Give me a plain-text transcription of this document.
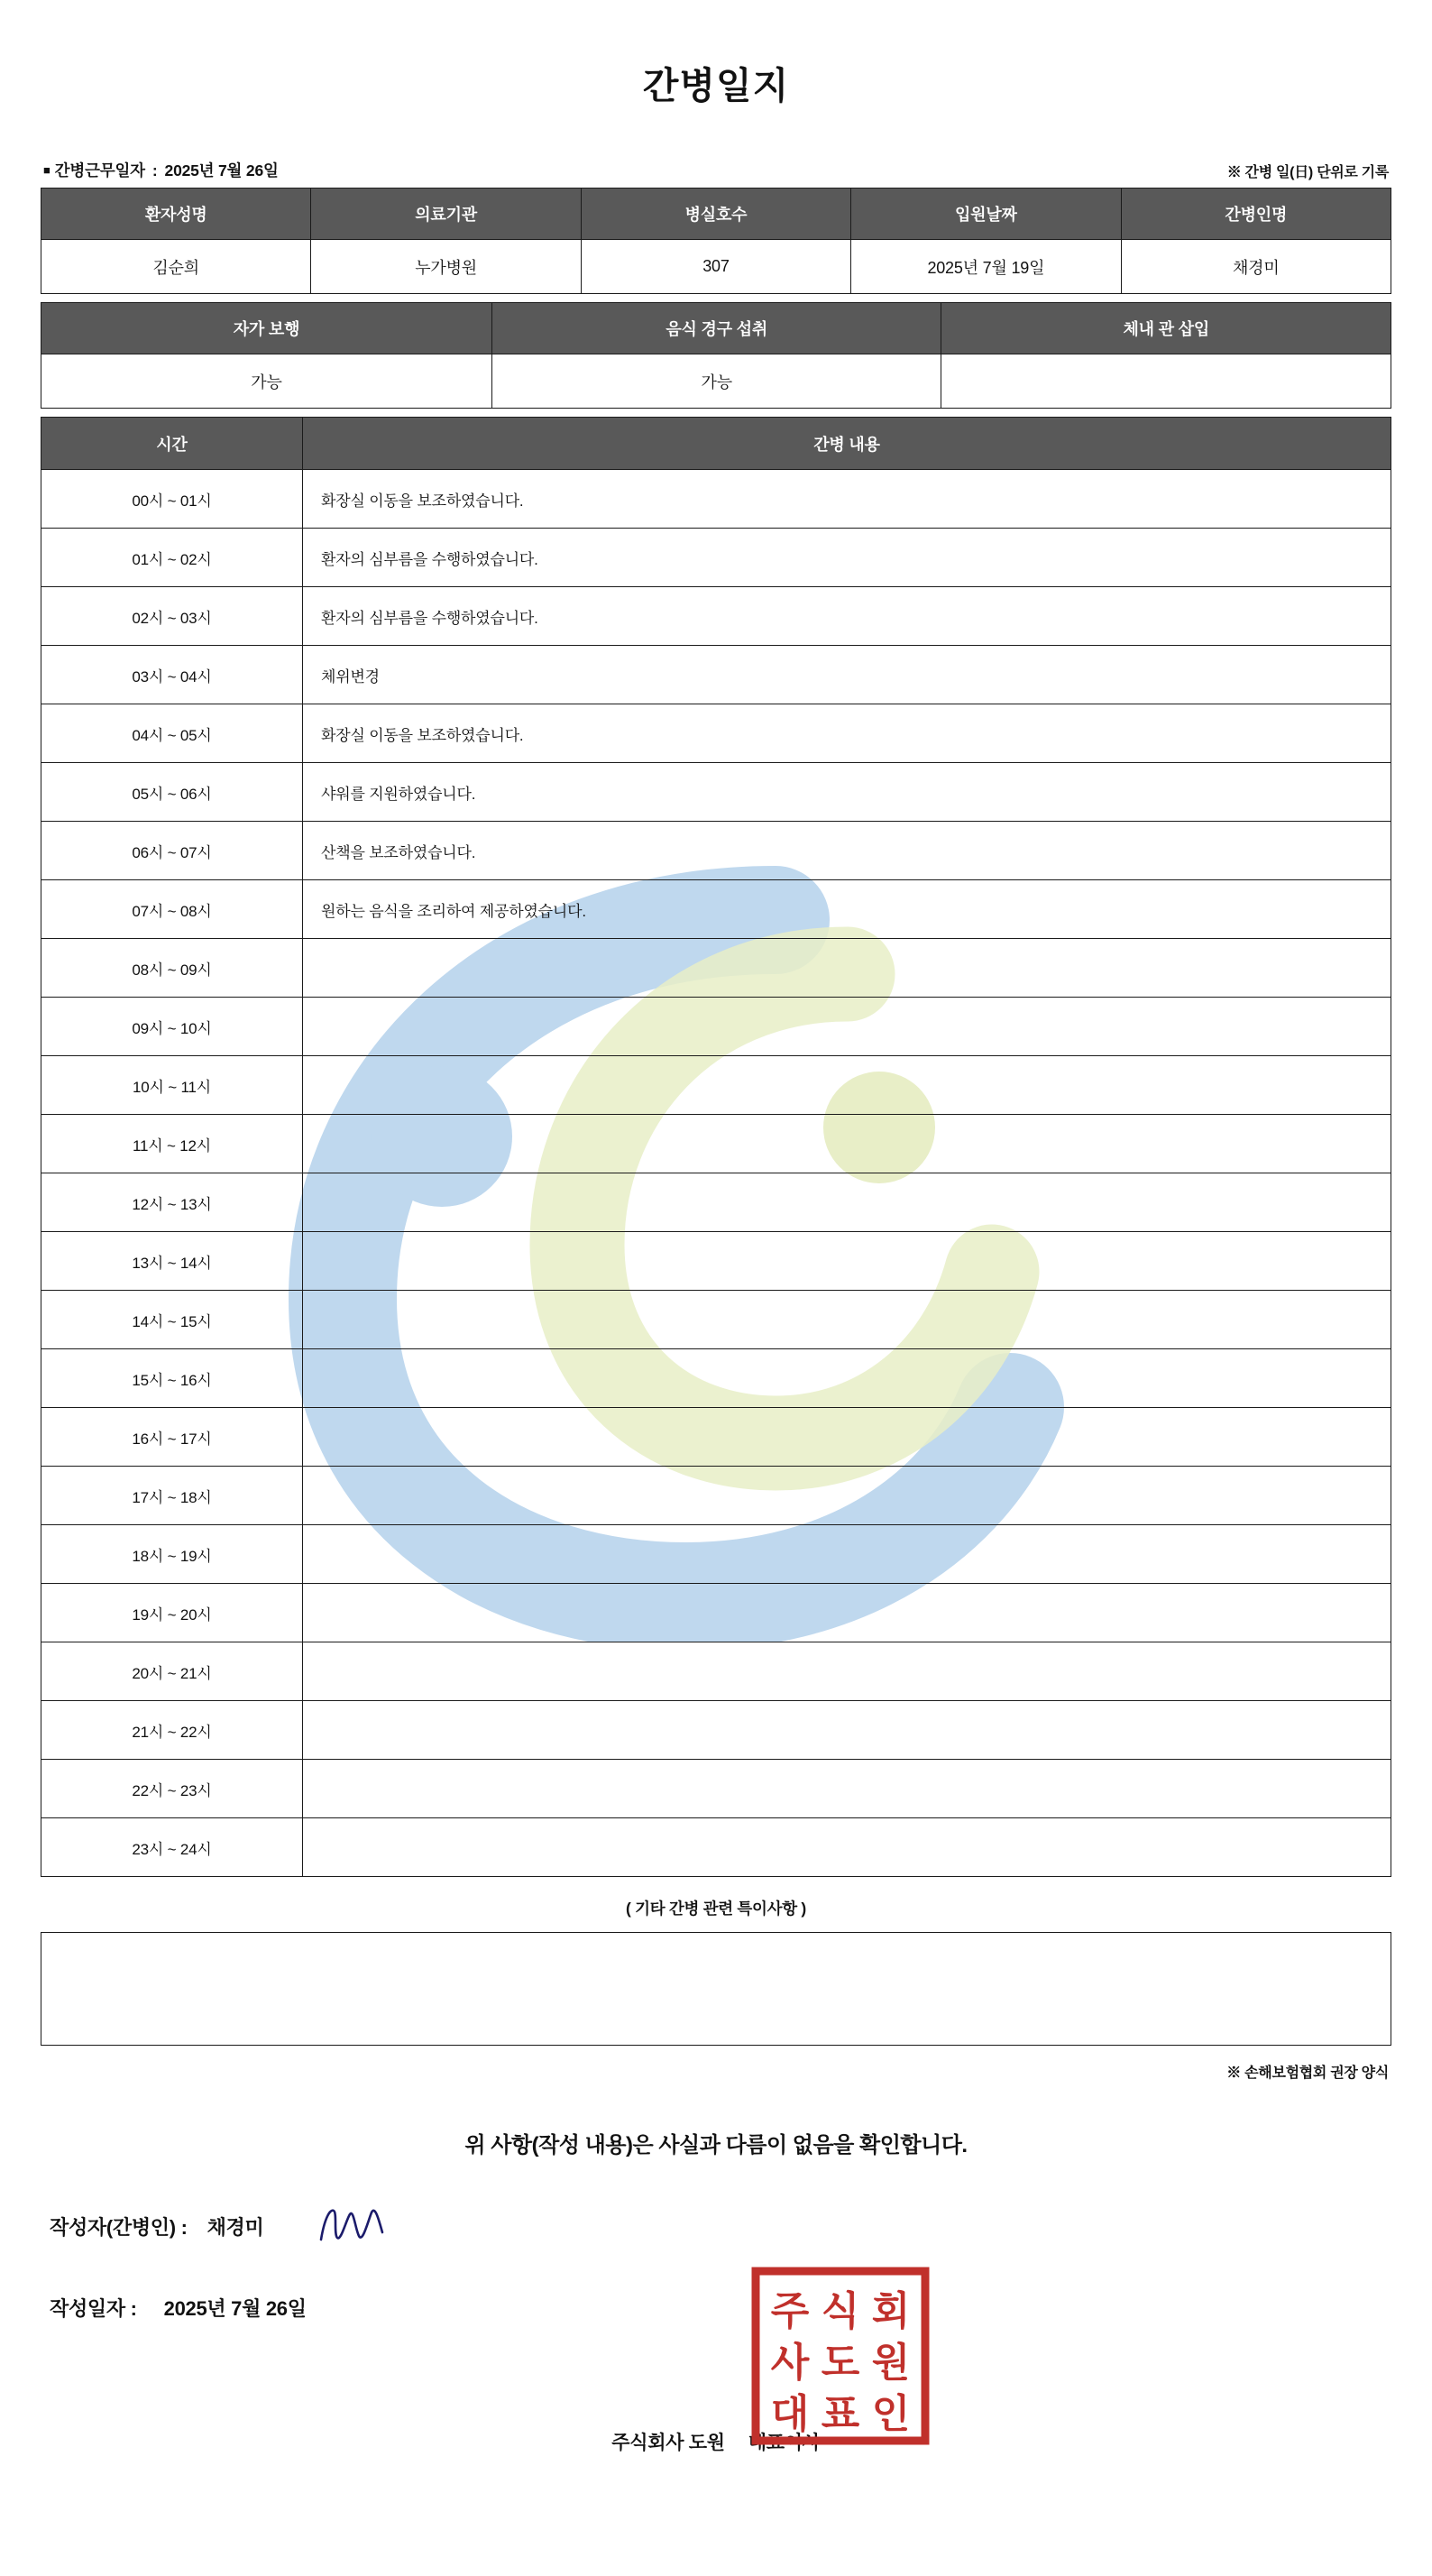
간병일지
■ 간병근무일자 : 2025년 7월 26일	※ 간병 일(日) 단위로 기록
환자성명	의료기관	병실호수	입원날짜	간병인명
김순희	누가병원	307	2025년 7월 19일	채경미
자가 보행	음식 경구 섭취	체내 관 삽입
가능	가능	
시간	간병 내용
00시 ~ 01시	화장실 이동을 보조하였습니다.
01시 ~ 02시	환자의 심부름을 수행하였습니다.
02시 ~ 03시	환자의 심부름을 수행하였습니다.
03시 ~ 04시	체위변경
04시 ~ 05시	화장실 이동을 보조하였습니다.
05시 ~ 06시	샤워를 지원하였습니다.
06시 ~ 07시	산책을 보조하였습니다.
07시 ~ 08시	원하는 음식을 조리하여 제공하였습니다.
08시 ~ 09시	
09시 ~ 10시	
10시 ~ 11시	
11시 ~ 12시	
12시 ~ 13시	
13시 ~ 14시	
14시 ~ 15시	
15시 ~ 16시	
16시 ~ 17시	
17시 ~ 18시	
18시 ~ 19시	
19시 ~ 20시	
20시 ~ 21시	
21시 ~ 22시	
22시 ~ 23시	
23시 ~ 24시	
( 기타 간병 관련 특이사항 )
※ 손해보험협회 권장 양식
위 사항(작성 내용)은 사실과 다름이 없음을 확인합니다.
작성자(간병인) : 채경미
작성일자 : 2025년 7월 26일
주식회사 도원 대표이사
주 식 회
사 도 원
대 표 인
